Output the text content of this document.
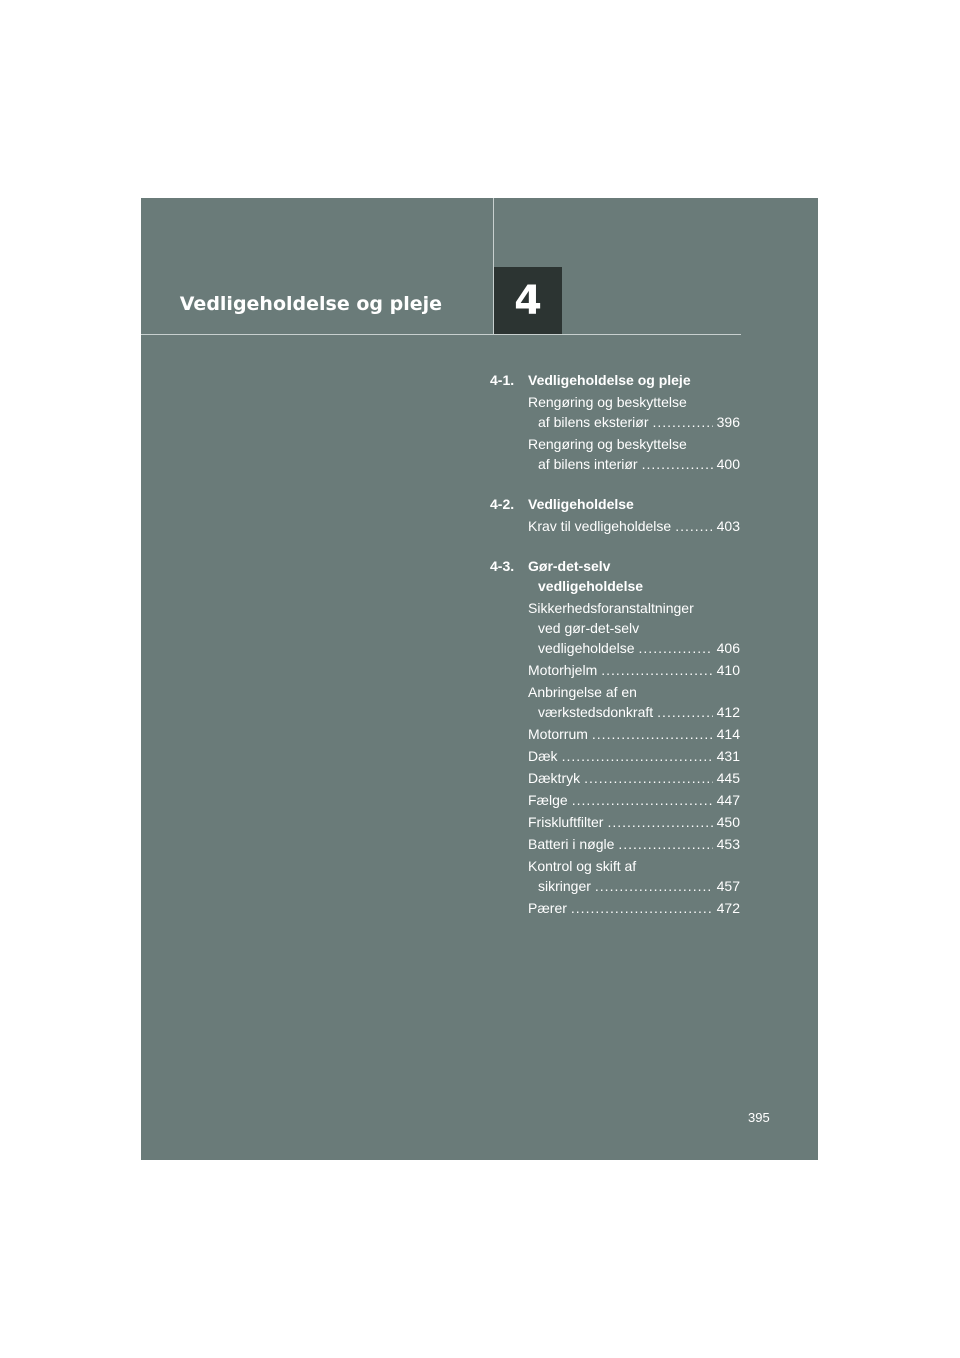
Vedligeholdelse og pleje 4
4-1. Vedligeholdelse og pleje
Rengøring og beskyttelse
af bilens eksteriør .....	396
Rengøring og beskyttelse
af bilens interiør .....	400
4-2. Vedligeholdelse
Krav til vedligeholdelse .....	403
4-3. Gør-det-selv
vedligeholdelse
Sikkerhedsforanstaltninger
ved gør-det-selv
vedligeholdelse .....	406
Motorhjelm .....	410
Anbringelse af en
værkstedsdonkraft .....	412
Motorrum .....	414
Dæk .....	431
Dæktryk .....	445
Fælge .....	447
Friskluftfilter .....	450
Batteri i nøgle .....	453
Kontrol og skift af
sikringer .....	457
Pærer .....	472
395
